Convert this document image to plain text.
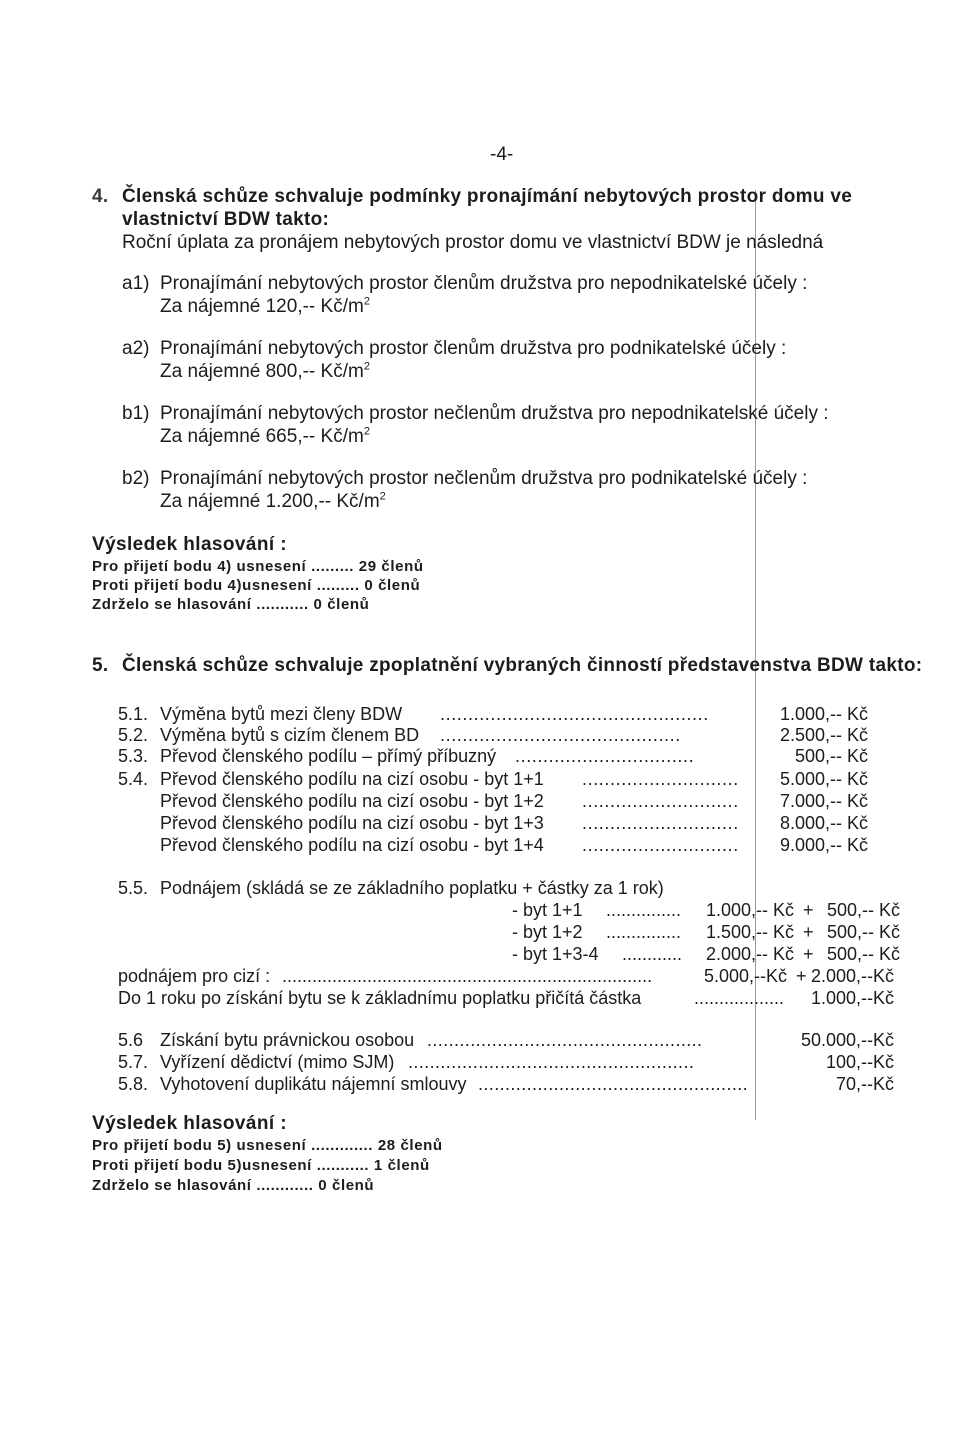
-4-
4. Členská schůze schvaluje podmínky pronajímání nebytových prostor domu ve
vlastnictví BDW takto:
Roční úplata za pronájem nebytových prostor domu ve vlastnictví BDW je následná
a1) Pronajímání nebytových prostor členům družstva pro nepodnikatelské účely :
Za nájemné 120,-- $Kč/m^2$
a2) Pronajímání nebytových prostor členům družstva pro podnikatelské účely :
Za nájemné 800,-- $Kč/m^2$
b1) Pronajímání nebytových prostor nečlenům družstva pro nepodnikatelské účely :
Za nájemné 665,-- $Kč/m^2$
b2) Pronajímání nebytových prostor nečlenům družstva pro podnikatelské účely :
Za nájemné 1.200,-- $Kč/m^2$
Výsledek hlasování :
Pro přijetí bodu 4) usnesení ......... 29 členů
Proti přijetí bodu 4)usnesení ......... 0 členů
Zdrželo se hlasování ........... 0 členů
5. Členská schůze schvaluje zpoplatnění vybraných činností představenstva BDW takto:
5.1. Výměna bytů mezi členy BDW ................................................	1.000,-- Kč
5.2. Výměna bytů s cizím členem BD ...........................................	2.500,-- Kč
5.3. Převod členského podílu – přímý příbuzný ................................	500,-- Kč
5.4. Převod členského podílu na cizí osobu - byt 1+1 ............................ 5.000,-- Kč
Převod členského podílu na cizí osobu - byt 1+2 ............................ 7.000,-- Kč
Převod členského podílu na cizí osobu - byt 1+3 ............................ 8.000,-- Kč
Převod členského podílu na cizí osobu - byt 1+4 ............................ 9.000,-- Kč
5.5. Podnájem (skládá se ze základního poplatku + částky za 1 rok)
- byt 1+1 ............... 1.000,-- Kč + 500,-- Kč
- byt 1+2 ............... 1.500,-- Kč + 500,-- Kč
- byt 1+3-4 ............ 2.000,-- Kč + 500,-- Kč
podnájem pro cizí : ..........................................................................	5.000,--Kč + 2.000,--Kč
Do 1 roku po získání bytu se k základnímu poplatku přičítá částka	.................. 1.000,--Kč
5.6 Získání bytu právnickou osobou ...................................................	50.000,--Kč
5.7. Vyřízení dědictví (mimo SJM) .....................................................	100,--Kč
5.8. Vyhotovení duplikátu nájemní smlouvy ..................................................	70,--Kč
Výsledek hlasování :
Pro přijetí bodu 5) usnesení ............. 28 členů
Proti přijetí bodu 5)usnesení ........... 1 členů
Zdrželo se hlasování ............ 0 členů
